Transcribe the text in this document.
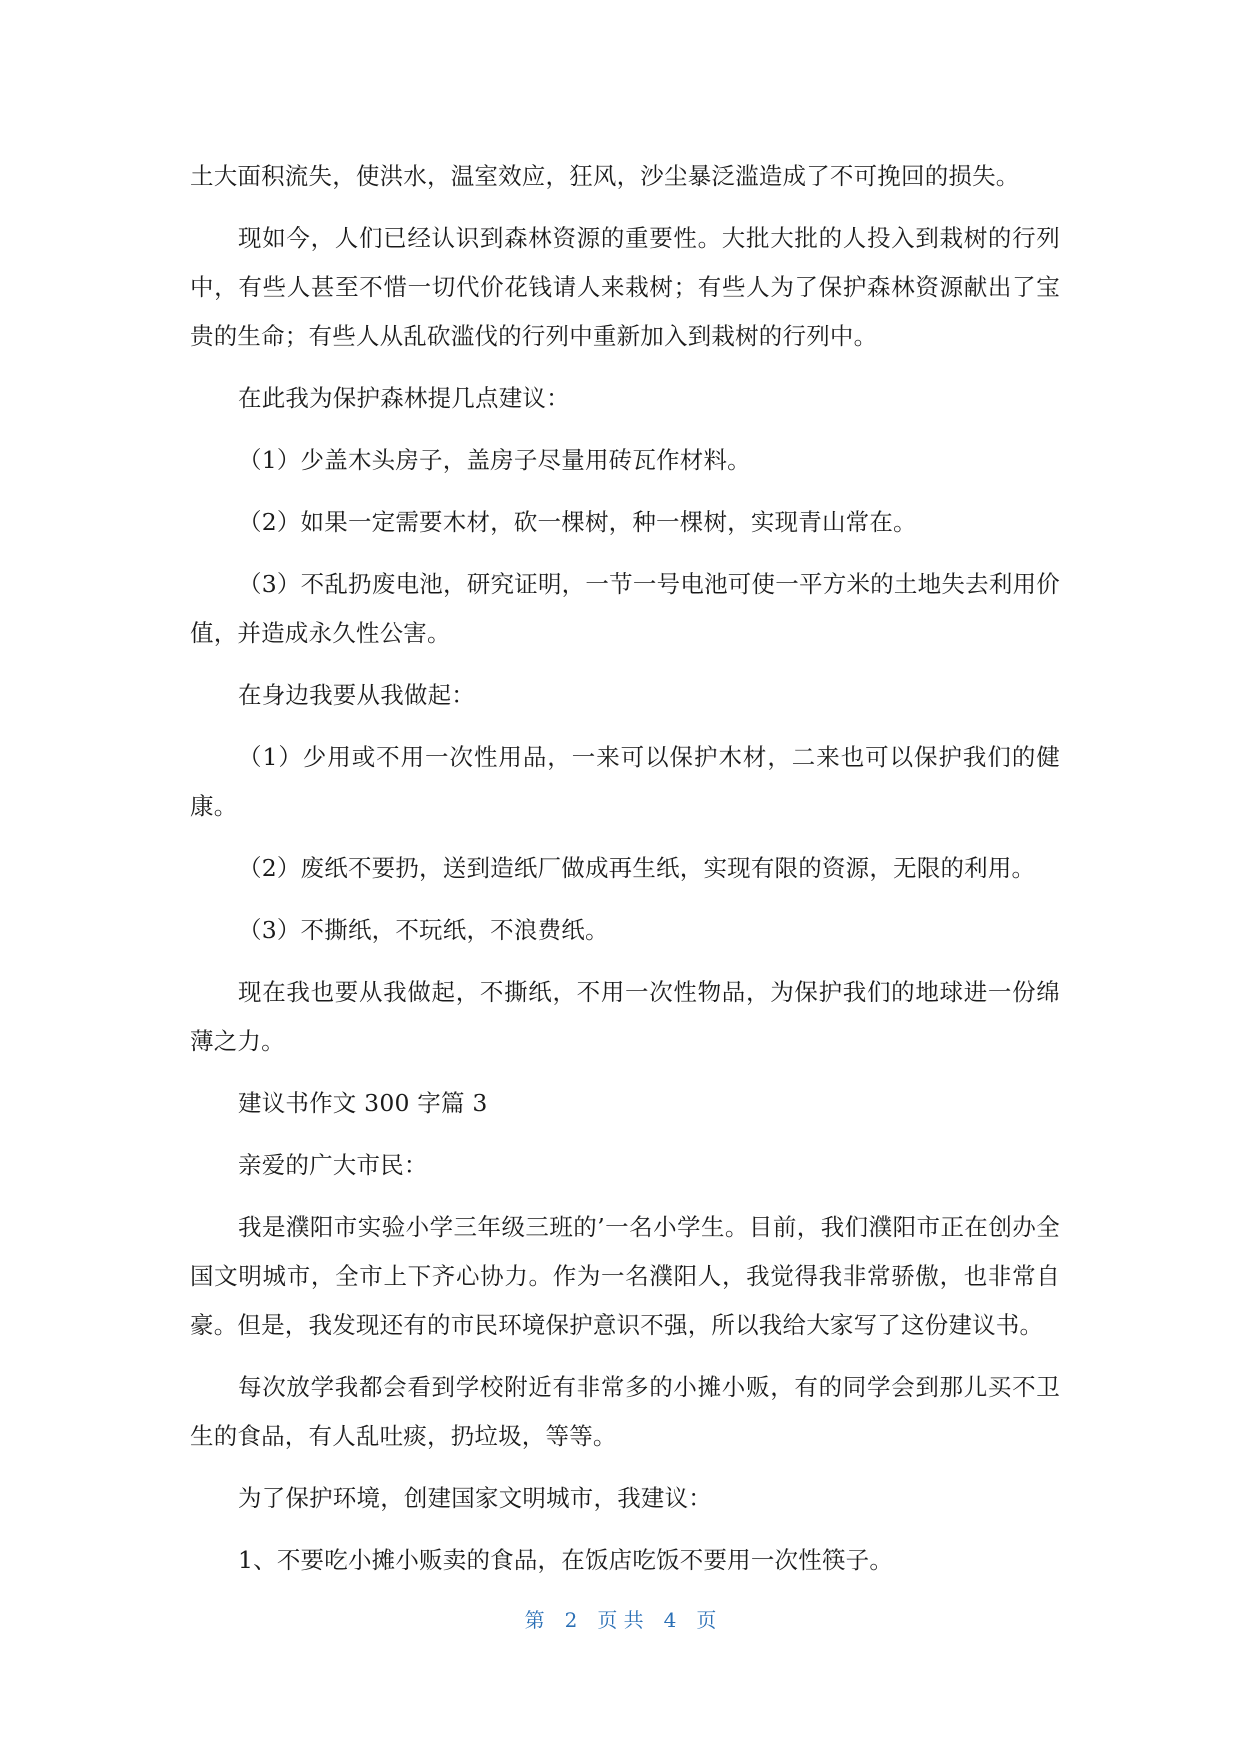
土大面积流失，使洪水，温室效应，狂风，沙尘暴泛滥造成了不可挽回的损失。

现如今，人们已经认识到森林资源的重要性。大批大批的人投入到栽树的行列中，有些人甚至不惜一切代价花钱请人来栽树；有些人为了保护森林资源献出了宝贵的生命；有些人从乱砍滥伐的行列中重新加入到栽树的行列中。

在此我为保护森林提几点建议：

（1）少盖木头房子，盖房子尽量用砖瓦作材料。

（2）如果一定需要木材，砍一棵树，种一棵树，实现青山常在。

（3）不乱扔废电池，研究证明，一节一号电池可使一平方米的土地失去利用价值，并造成永久性公害。

在身边我要从我做起：

（1）少用或不用一次性用品，一来可以保护木材，二来也可以保护我们的健康。

（2）废纸不要扔，送到造纸厂做成再生纸，实现有限的资源，无限的利用。

（3）不撕纸，不玩纸，不浪费纸。

现在我也要从我做起，不撕纸，不用一次性物品，为保护我们的地球进一份绵薄之力。

建议书作文 300 字篇 3

亲爱的广大市民：

我是濮阳市实验小学三年级三班的’一名小学生。目前，我们濮阳市正在创办全国文明城市，全市上下齐心协力。作为一名濮阳人，我觉得我非常骄傲，也非常自豪。但是，我发现还有的市民环境保护意识不强，所以我给大家写了这份建议书。

每次放学我都会看到学校附近有非常多的小摊小贩，有的同学会到那儿买不卫生的食品，有人乱吐痰，扔垃圾，等等。

为了保护环境，创建国家文明城市，我建议：

1、不要吃小摊小贩卖的食品，在饭店吃饭不要用一次性筷子。

第 2 页 共 4 页
